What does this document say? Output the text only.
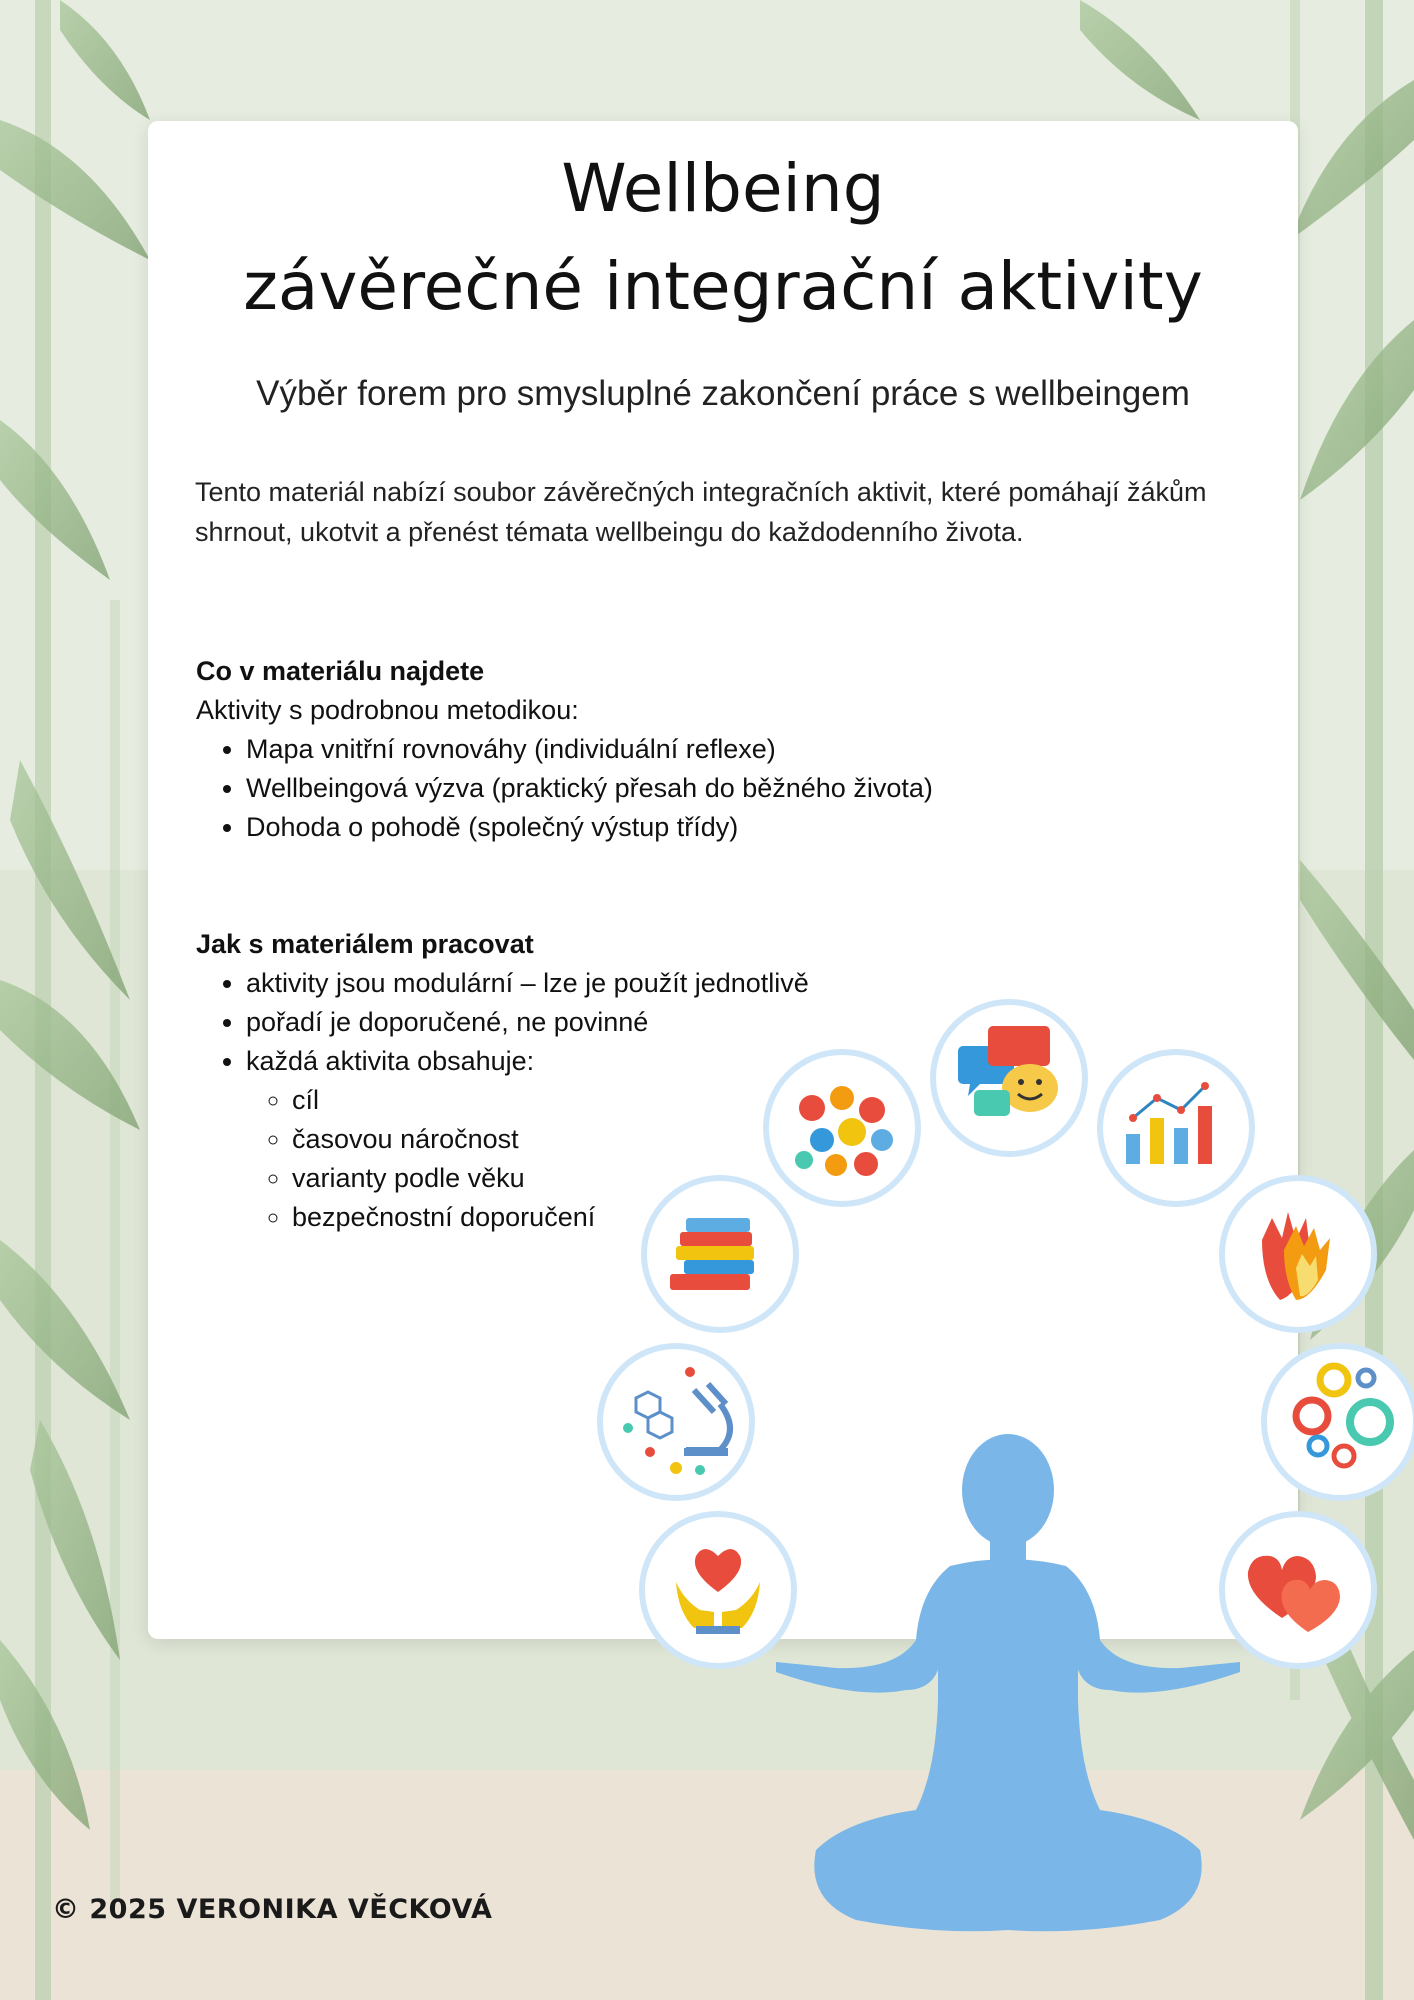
Wellbeing
závěrečné integrační aktivity

Výběr forem pro smysluplné zakončení práce s wellbeingem

Tento materiál nabízí soubor závěrečných integračních aktivit, které pomáhají žákům shrnout, ukotvit a přenést témata wellbeingu do každodenního života.

Co v materiálu najdete

Aktivity s podrobnou metodikou:

• Mapa vnitřní rovnováhy (individuální reflexe)
• Wellbeingová výzva (praktický přesah do běžného života)
• Dohoda o pohodě (společný výstup třídy)
Jak s materiálem pracovat
• aktivity jsou modulární – lze je použít jednotlivě
• pořadí je doporučené, ne povinné
• každá aktivita obsahuje:
◦ cíl
◦ časovou náročnost
◦ varianty podle věku
◦ bezpečnostní doporučení
© 2025 VERONIKA VĚCKOVÁ
